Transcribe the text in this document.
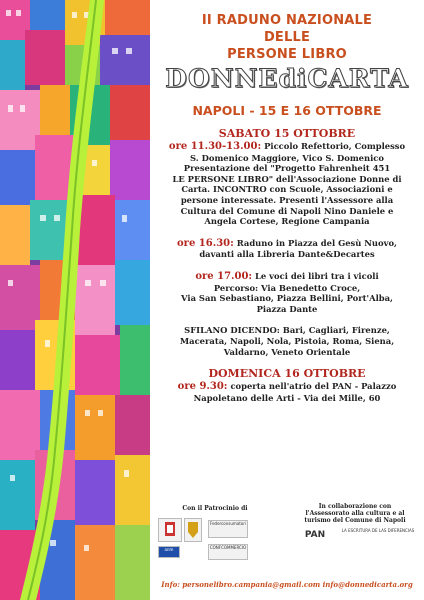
II RADUNO NAZIONALE

DELLE

PERSONE LIBRO

DONNEdiCARTA

NAPOLI - 15 E 16 OTTOBRE

SABATO 15 OTTOBRE

ore 11.30-13.00: Piccolo Refettorio, Complesso
S. Domenico Maggiore, Vico S. Domenico
Presentazione del "Progetto Fahrenheit 451
LE PERSONE LIBRO" dell'Associazione Donne di
Carta. INCONTRO con Scuole, Associazioni e
persone interessate. Presenti l'Assessore alla
Cultura del Comune di Napoli Nino Daniele e
Angela Cortese, Regione Campania
ore 16.30: Raduno in Piazza del Gesù Nuovo,
davanti alla Libreria Dante&Decartes
ore 17.00: Le voci dei libri tra i vicoli
Percorso: Via Benedetto Croce,
Via San Sebastiano, Piazza Bellini, Port'Alba,
Piazza Dante
SFILANO DICENDO: Bari, Cagliari, Firenze,
Macerata, Napoli, Nola, Pistoia, Roma, Siena,
Valdarno, Veneto Orientale

DOMENICA 16 OTTOBRE

ore 9.30: coperta nell'atrio del PAN - Palazzo
Napoletano delle Arti - Via dei Mille, 60
Con il Patrocinio di	In collaborazione con
l'Assessorato alla cultura e al
turismo del Comune di Napoli
Federconsumatori
anm	CONFCOMMERCIO
PAN	LA ESCRITURA DE LAS DIFERENCIAS
Info: personelibro.campania@gmail.com info@donnedicarta.org
